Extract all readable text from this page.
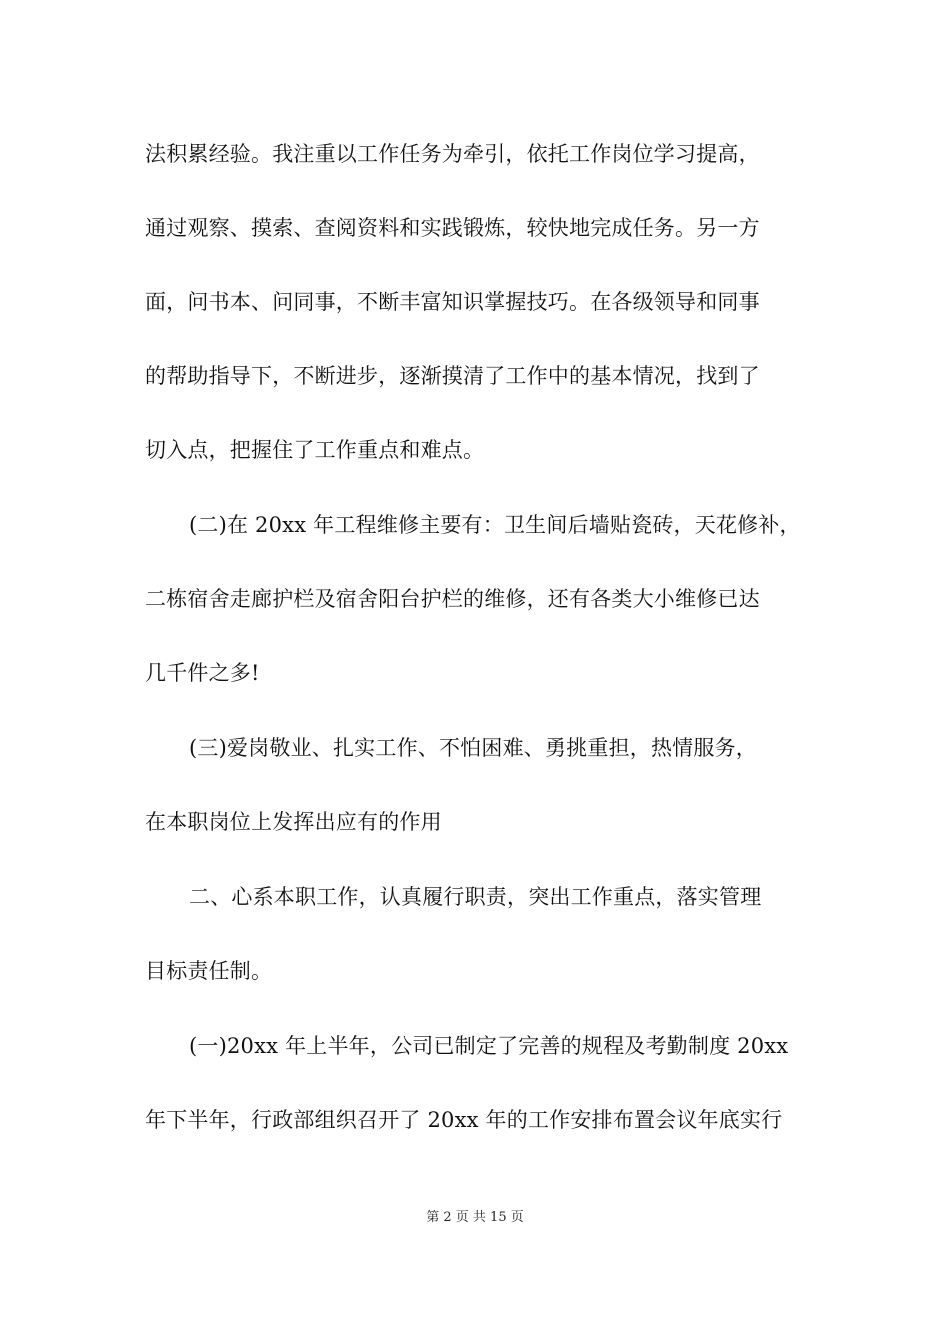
法积累经验。我注重以工作任务为牵引，依托工作岗位学习提高，
通过观察、摸索、查阅资料和实践锻炼，较快地完成任务。另一方
面，问书本、问同事，不断丰富知识掌握技巧。在各级领导和同事
的帮助指导下，不断进步，逐渐摸清了工作中的基本情况，找到了
切入点，把握住了工作重点和难点。
(二)在 20xx 年工程维修主要有：卫生间后墙贴瓷砖，天花修补，
二栋宿舍走廊护栏及宿舍阳台护栏的维修，还有各类大小维修已达
几千件之多!
(三)爱岗敬业、扎实工作、不怕困难、勇挑重担，热情服务，
在本职岗位上发挥出应有的作用
二、心系本职工作，认真履行职责，突出工作重点，落实管理
目标责任制。
(一)20xx 年上半年，公司已制定了完善的规程及考勤制度 20xx
年下半年，行政部组织召开了 20xx 年的工作安排布置会议年底实行
第 2 页 共 15 页
